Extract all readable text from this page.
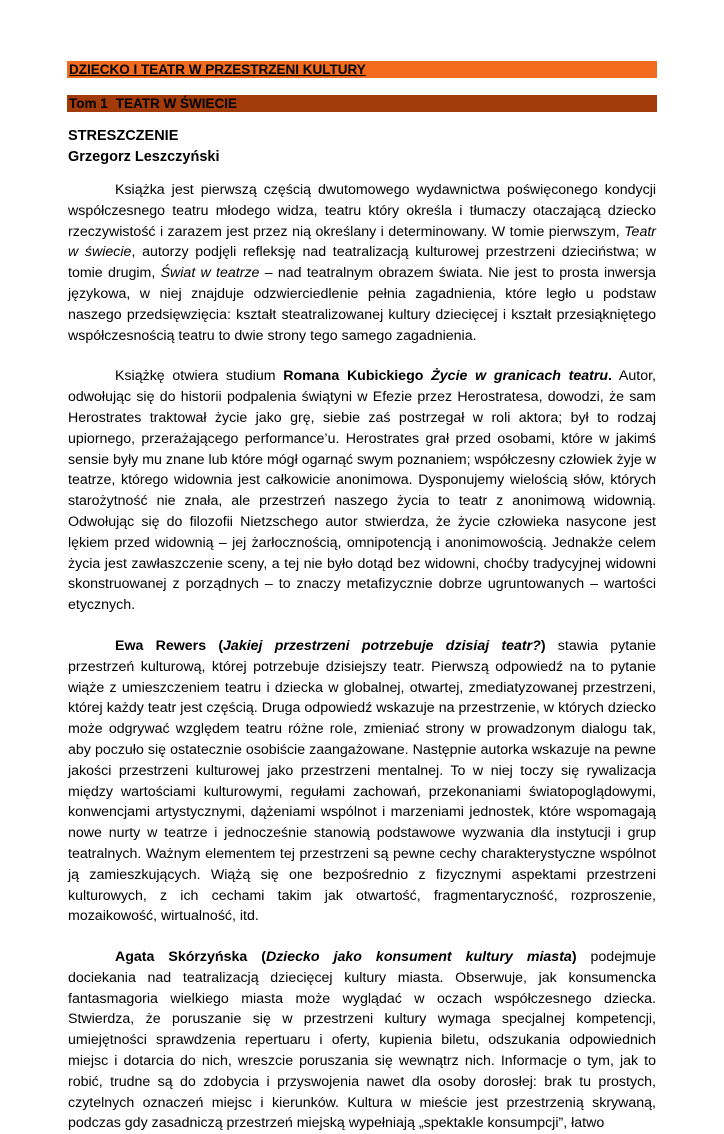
DZIECKO I TEATR W PRZESTRZENI KULTURY
Tom 1 TEATR W ŚWIECIE
STRESZCZENIE
Grzegorz Leszczyński

Książka jest pierwszą częścią dwutomowego wydawnictwa poświęconego kondycji współczesnego teatru młodego widza, teatru który określa i tłumaczy otaczającą dziecko rzeczywistość i zarazem jest przez nią określany i determinowany. W tomie pierwszym, Teatr w świecie, autorzy podjęli refleksję nad teatralizacją kulturowej przestrzeni dzieciństwa; w tomie drugim, Świat w teatrze – nad teatralnym obrazem świata. Nie jest to prosta inwersja językowa, w niej znajduje odzwierciedlenie pełnia zagadnienia, które legło u podstaw naszego przedsięwzięcia: kształt steatralizowanej kultury dziecięcej i kształt przesiąkniętego współczesnością teatru to dwie strony tego samego zagadnienia.

Książkę otwiera studium Romana Kubickiego Życie w granicach teatru. Autor, odwołując się do historii podpalenia świątyni w Efezie przez Herostratesa, dowodzi, że sam Herostrates traktował życie jako grę, siebie zaś postrzegał w roli aktora; był to rodzaj upiornego, przerażającego performance’u. Herostrates grał przed osobami, które w jakimś sensie były mu znane lub które mógł ogarnąć swym poznaniem; współczesny człowiek żyje w teatrze, którego widownia jest całkowicie anonimowa. Dysponujemy wielością słów, których starożytność nie znała, ale przestrzeń naszego życia to teatr z anonimową widownią. Odwołując się do filozofii Nietzschego autor stwierdza, że życie człowieka nasycone jest lękiem przed widownią – jej żarłocznością, omnipotencją i anonimowością. Jednakże celem życia jest zawłaszczenie sceny, a tej nie było dotąd bez widowni, choćby tradycyjnej widowni skonstruowanej z porządnych – to znaczy metafizycznie dobrze ugruntowanych – wartości etycznych.

Ewa Rewers (Jakiej przestrzeni potrzebuje dzisiaj teatr?) stawia pytanie przestrzeń kulturową, której potrzebuje dzisiejszy teatr. Pierwszą odpowiedź na to pytanie wiąże z umieszczeniem teatru i dziecka w globalnej, otwartej, zmediatyzowanej przestrzeni, której każdy teatr jest częścią. Druga odpowiedź wskazuje na przestrzenie, w których dziecko może odgrywać względem teatru różne role, zmieniać strony w prowadzonym dialogu tak, aby poczuło się ostatecznie osobiście zaangażowane. Następnie autorka wskazuje na pewne jakości przestrzeni kulturowej jako przestrzeni mentalnej. To w niej toczy się rywalizacja między wartościami kulturowymi, regułami zachowań, przekonaniami światopoglądowymi, konwencjami artystycznymi, dążeniami wspólnot i marzeniami jednostek, które wspomagają nowe nurty w teatrze i jednocześnie stanowią podstawowe wyzwania dla instytucji i grup teatralnych. Ważnym elementem tej przestrzeni są pewne cechy charakterystyczne wspólnot ją zamieszkujących. Wiążą się one bezpośrednio z fizycznymi aspektami przestrzeni kulturowych, z ich cechami takim jak otwartość, fragmentaryczność, rozproszenie, mozaikowość, wirtualność, itd.

Agata Skórzyńska (Dziecko jako konsument kultury miasta) podejmuje dociekania nad teatralizacją dziecięcej kultury miasta. Obserwuje, jak konsumencka fantasmagoria wielkiego miasta może wyglądać w oczach współczesnego dziecka. Stwierdza, że poruszanie się w przestrzeni kultury wymaga specjalnej kompetencji, umiejętności sprawdzenia repertuaru i oferty, kupienia biletu, odszukania odpowiednich miejsc i dotarcia do nich, wreszcie poruszania się wewnątrz nich. Informacje o tym, jak to robić, trudne są do zdobycia i przyswojenia nawet dla osoby dorosłej: brak tu prostych, czytelnych oznaczeń miejsc i kierunków. Kultura w mieście jest przestrzenią skrywaną, podczas gdy zasadniczą przestrzeń miejską wypełniają „spektakle konsumpcji”, łatwo
